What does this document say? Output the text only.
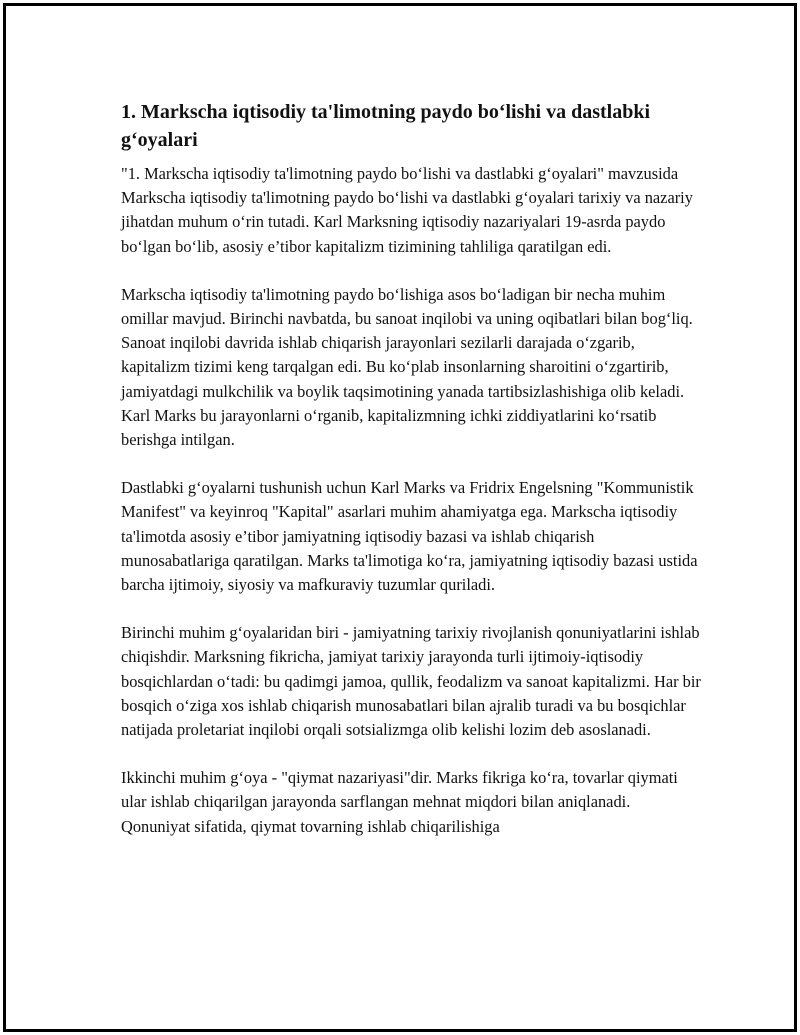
1. Markscha iqtisodiy ta'limotning paydo bo‘lishi va dastlabki g‘oyalari

"1. Markscha iqtisodiy ta'limotning paydo bo‘lishi va dastlabki g‘oyalari" mavzusida Markscha iqtisodiy ta'limotning paydo bo‘lishi va dastlabki g‘oyalari tarixiy va nazariy jihatdan muhum o‘rin tutadi. Karl Marksning iqtisodiy nazariyalari 19-asrda paydo bo‘lgan bo‘lib, asosiy e’tibor kapitalizm tizimining tahliliga qaratilgan edi.

Markscha iqtisodiy ta'limotning paydo bo‘lishiga asos bo‘ladigan bir necha muhim omillar mavjud. Birinchi navbatda, bu sanoat inqilobi va uning oqibatlari bilan bog‘liq. Sanoat inqilobi davrida ishlab chiqarish jarayonlari sezilarli darajada o‘zgarib, kapitalizm tizimi keng tarqalgan edi. Bu ko‘plab insonlarning sharoitini o‘zgartirib, jamiyatdagi mulkchilik va boylik taqsimotining yanada tartibsizlashishiga olib keladi. Karl Marks bu jarayonlarni o‘rganib, kapitalizmning ichki ziddiyatlarini ko‘rsatib berishga intilgan.

Dastlabki g‘oyalarni tushunish uchun Karl Marks va Fridrix Engelsning "Kommunistik Manifest" va keyinroq "Kapital" asarlari muhim ahamiyatga ega. Markscha iqtisodiy ta'limotda asosiy e’tibor jamiyatning iqtisodiy bazasi va ishlab chiqarish munosabatlariga qaratilgan. Marks ta'limotiga ko‘ra, jamiyatning iqtisodiy bazasi ustida barcha ijtimoiy, siyosiy va mafkuraviy tuzumlar quriladi.

Birinchi muhim g‘oyalaridan biri - jamiyatning tarixiy rivojlanish qonuniyatlarini ishlab chiqishdir. Marksning fikricha, jamiyat tarixiy jarayonda turli ijtimoiy-iqtisodiy bosqichlardan o‘tadi: bu qadimgi jamoa, qullik, feodalizm va sanoat kapitalizmi. Har bir bosqich o‘ziga xos ishlab chiqarish munosabatlari bilan ajralib turadi va bu bosqichlar natijada proletariat inqilobi orqali sotsializmga olib kelishi lozim deb asoslanadi.

Ikkinchi muhim g‘oya - "qiymat nazariyasi"dir. Marks fikriga ko‘ra, tovarlar qiymati ular ishlab chiqarilgan jarayonda sarflangan mehnat miqdori bilan aniqlanadi. Qonuniyat sifatida, qiymat tovarning ishlab chiqarilishiga
